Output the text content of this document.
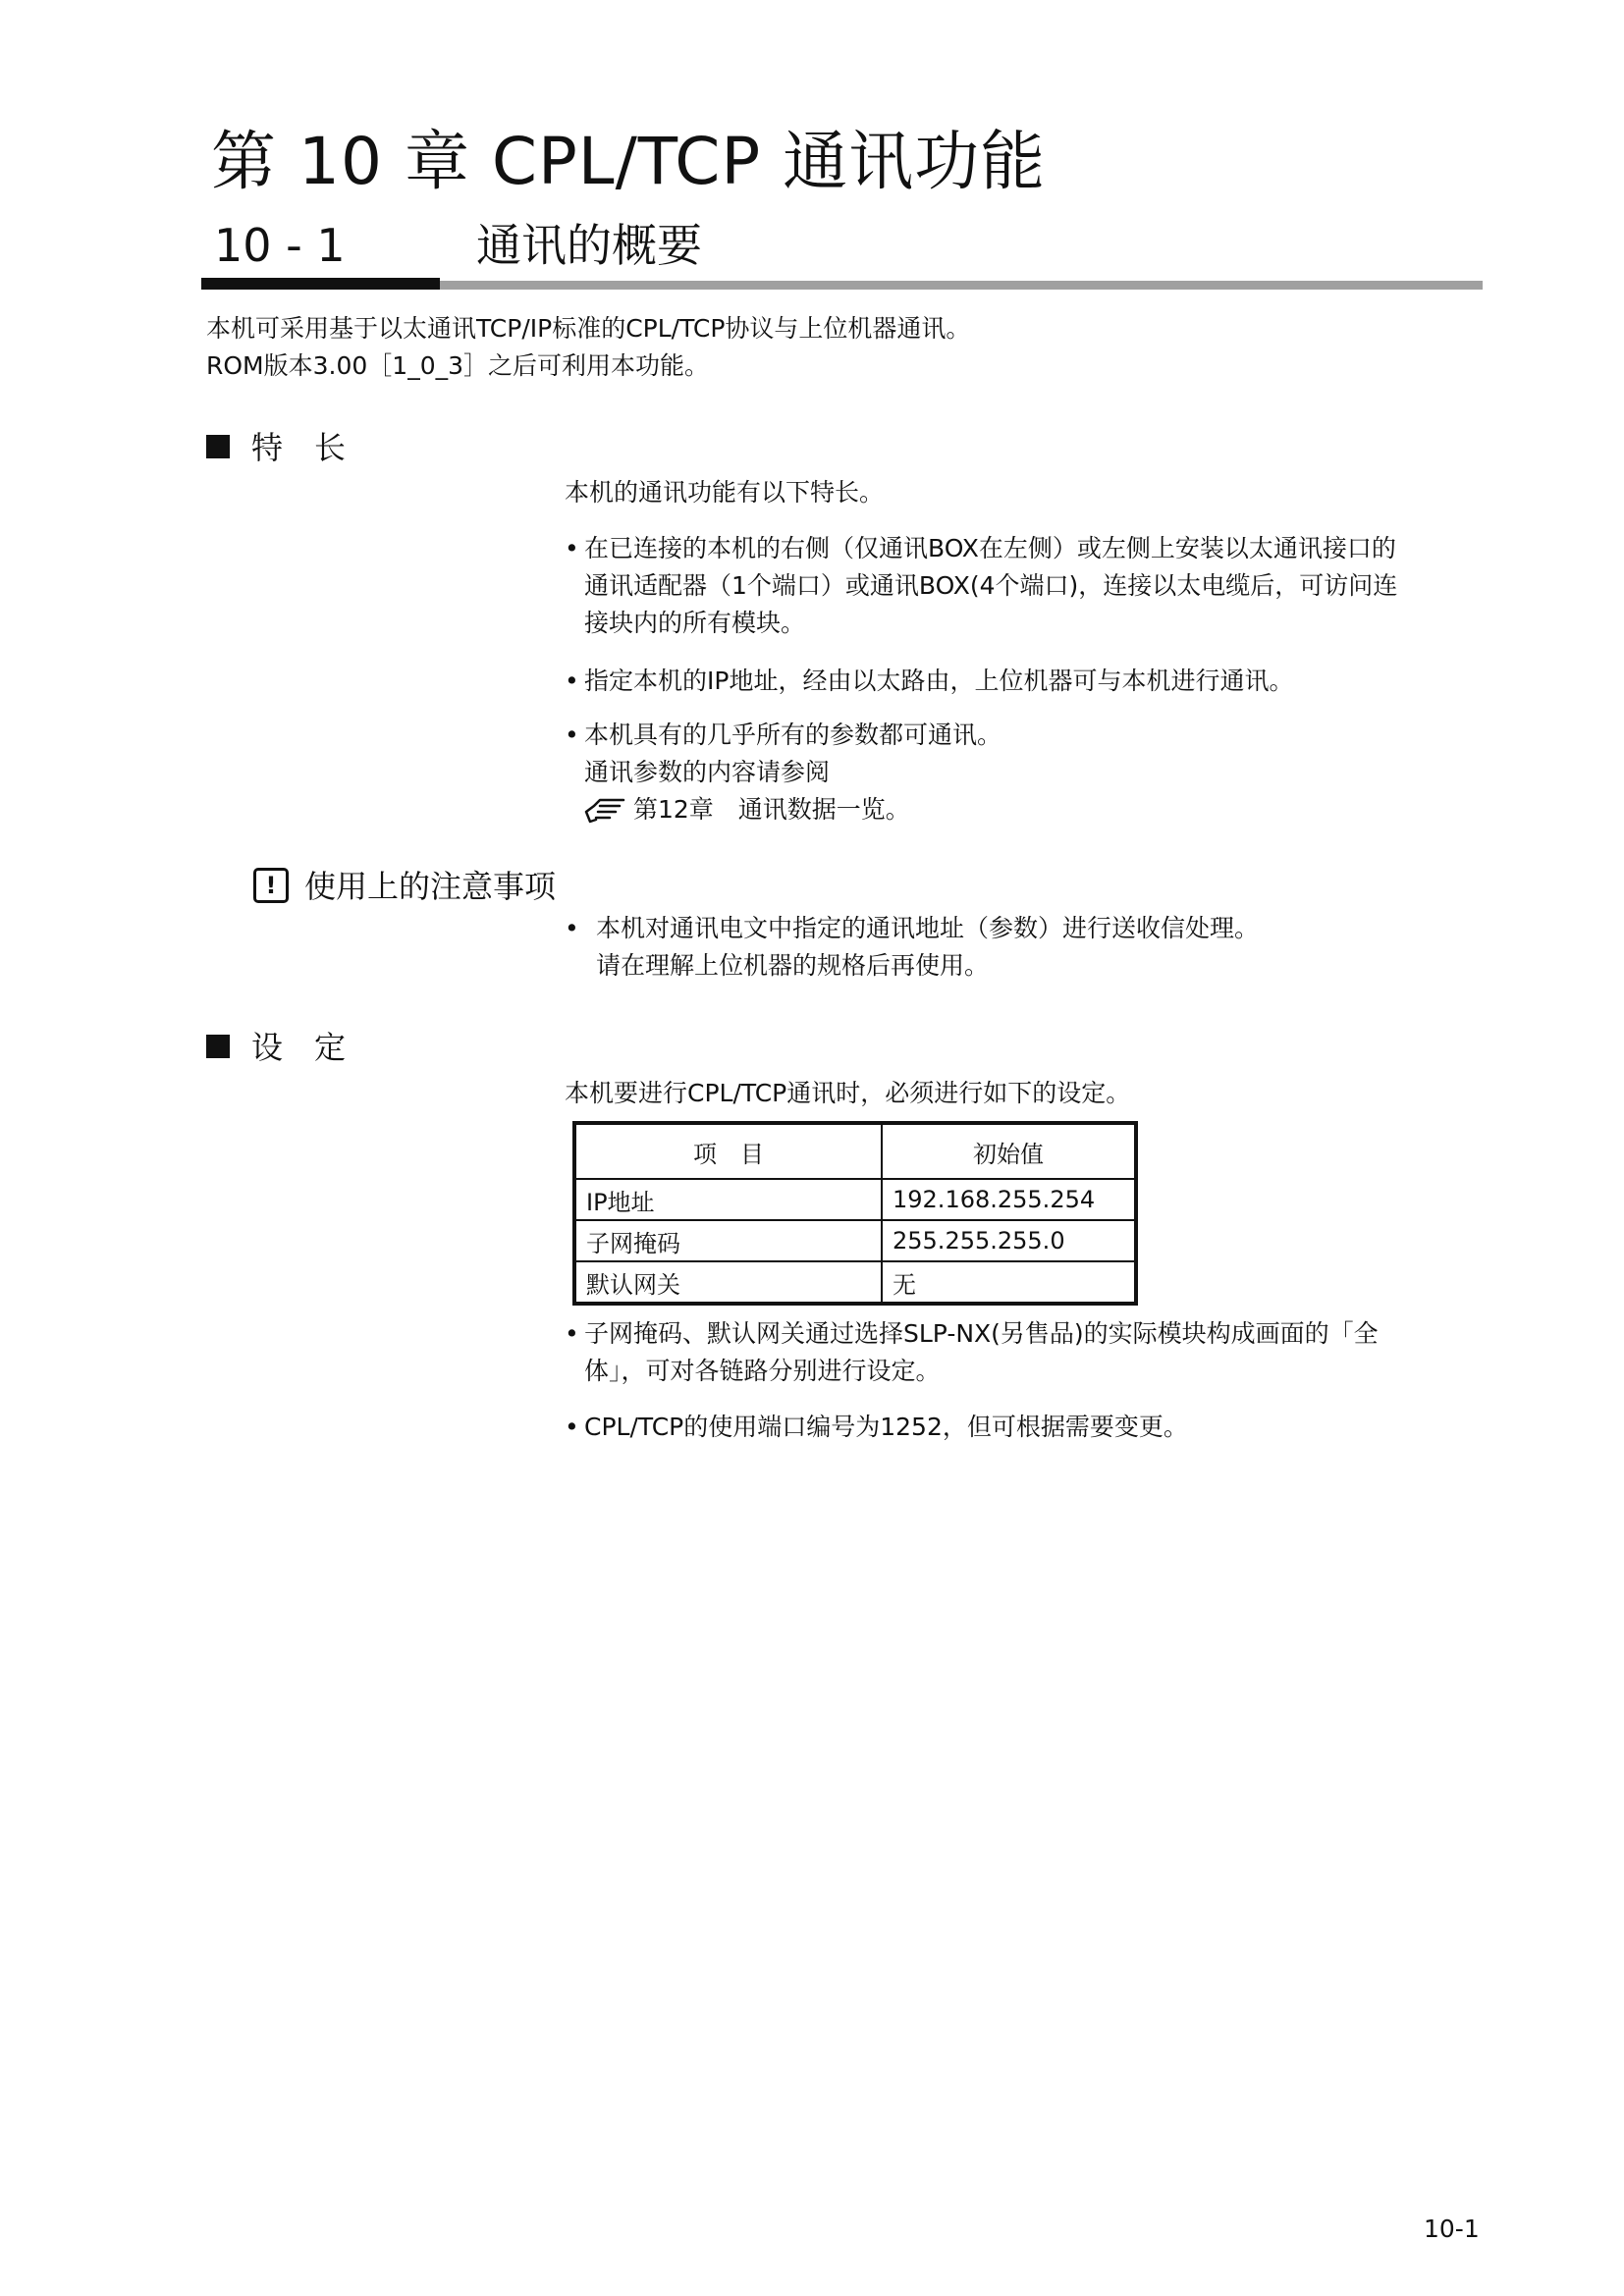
第 10 章 CPL/TCP 通讯功能
10 - 1	通讯的概要
本机可采用基于以太通讯TCP/IP标准的CPL/TCP协议与上位机器通讯。
ROM版本3.00［1_0_3］之后可利用本功能。
特　长
本机的通讯功能有以下特长。
• 在已连接的本机的右侧（仅通讯BOX在左侧）或左侧上安装以太通讯接口的
通讯适配器（1个端口）或通讯BOX(4个端口)，连接以太电缆后，可访问连
接块内的所有模块。
• 指定本机的IP地址，经由以太路由，上位机器可与本机进行通讯。
• 本机具有的几乎所有的参数都可通讯。
通讯参数的内容请参阅
第12章　通讯数据一览。
! 使用上的注意事项
• 本机对通讯电文中指定的通讯地址（参数）进行送收信处理。
请在理解上位机器的规格后再使用。
设　定
本机要进行CPL/TCP通讯时，必须进行如下的设定。
项　目	初始值
IP地址	192.168.255.254
子网掩码	255.255.255.0
默认网关	无
• 子网掩码、默认网关通过选择SLP-NX(另售品)的实际模块构成画面的「全
体」，可对各链路分别进行设定。
• CPL/TCP的使用端口编号为1252，但可根据需要变更。
10-1
